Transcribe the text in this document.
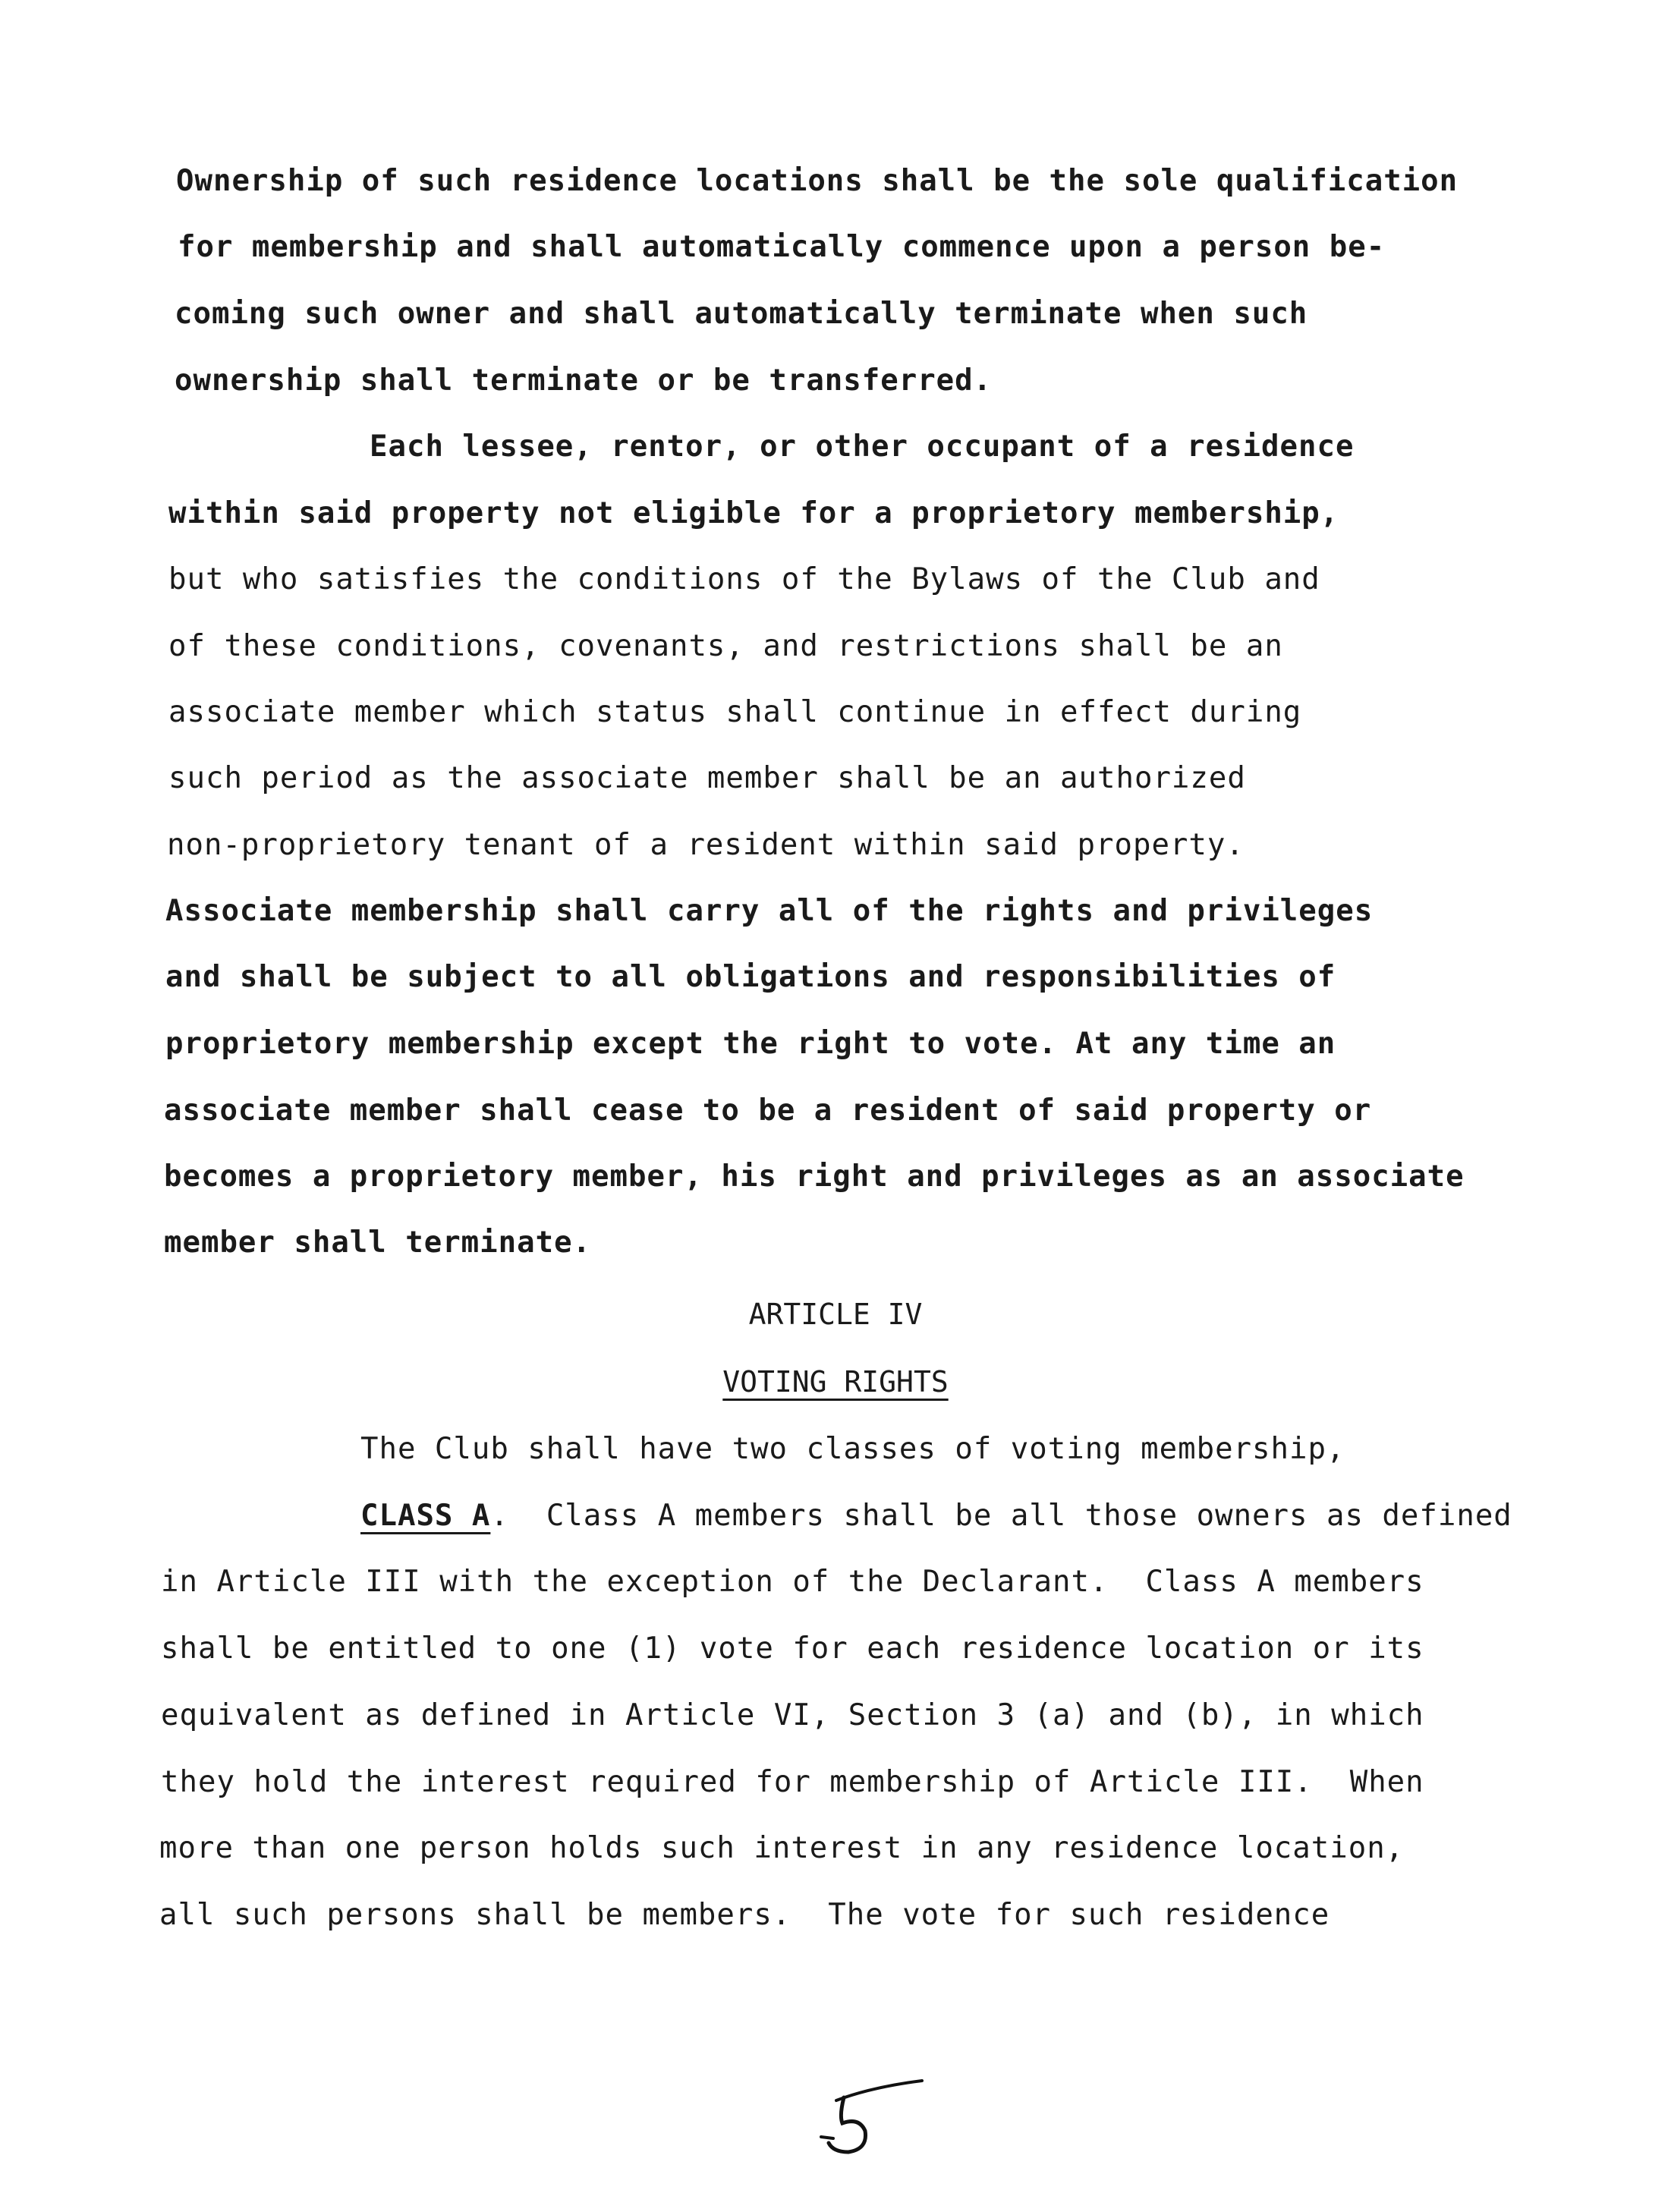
Ownership of such residence locations shall be the sole qualification
for membership and shall automatically commence upon a person be-
coming such owner and shall automatically terminate when such
ownership shall terminate or be transferred.
Each lessee, rentor, or other occupant of a residence
within said property not eligible for a proprietory membership,
but who satisfies the conditions of the Bylaws of the Club and
of these conditions, covenants, and restrictions shall be an
associate member which status shall continue in effect during
such period as the associate member shall be an authorized
non-proprietory tenant of a resident within said property.
Associate membership shall carry all of the rights and privileges
and shall be subject to all obligations and responsibilities of
proprietory membership except the right to vote. At any time an
associate member shall cease to be a resident of said property or
becomes a proprietory member, his right and privileges as an associate
member shall terminate.
ARTICLE IV
VOTING RIGHTS
The Club shall have two classes of voting membership,
CLASS A.  Class A members shall be all those owners as defined
in Article III with the exception of the Declarant.  Class A members
shall be entitled to one (1) vote for each residence location or its
equivalent as defined in Article VI, Section 3 (a) and (b), in which
they hold the interest required for membership of Article III.  When
more than one person holds such interest in any residence location,
all such persons shall be members.  The vote for such residence
